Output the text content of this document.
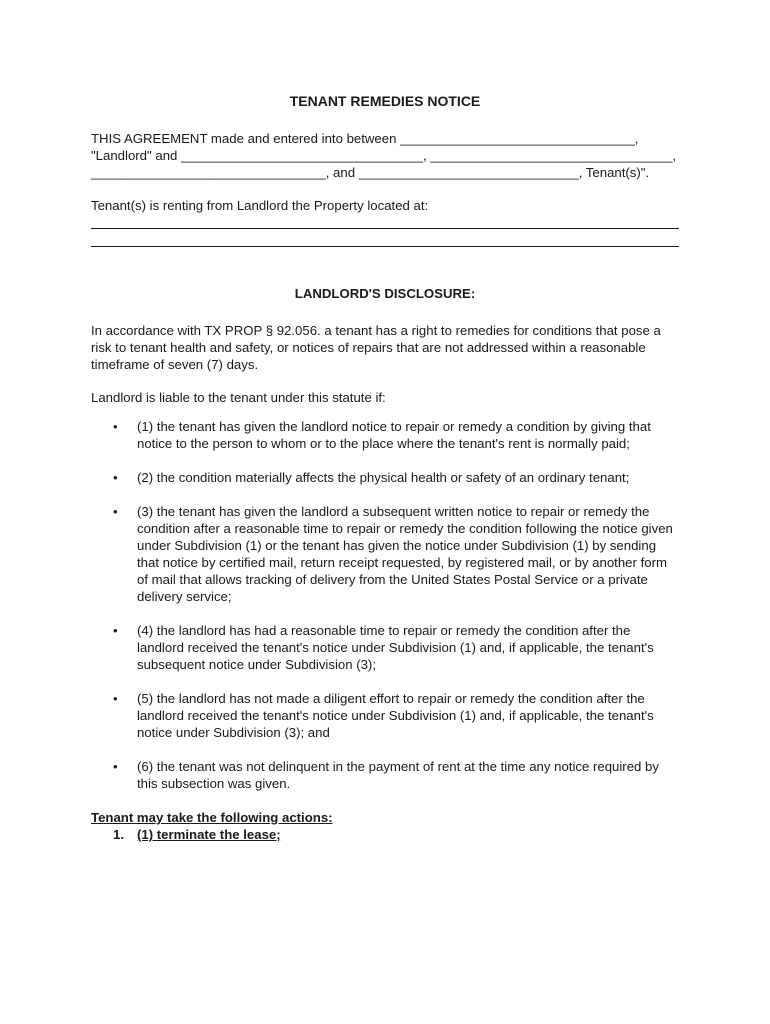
TENANT REMEDIES NOTICE
THIS AGREEMENT made and entered into between ________________________________,
"Landlord" and _________________________________, _________________________________,
________________________________, and ______________________________, Tenant(s)".
Tenant(s) is renting from Landlord the Property located at:
LANDLORD'S DISCLOSURE:

In accordance with TX PROP § 92.056. a tenant has a right to remedies for conditions that pose a risk to tenant health and safety, or notices of repairs that are not addressed within a reasonable timeframe of seven (7) days.

Landlord is liable to the tenant under this statute if:

• (1) the tenant has given the landlord notice to repair or remedy a condition by giving that notice to the person to whom or to the place where the tenant's rent is normally paid;
• (2) the condition materially affects the physical health or safety of an ordinary tenant;
• (3) the tenant has given the landlord a subsequent written notice to repair or remedy the condition after a reasonable time to repair or remedy the condition following the notice given under Subdivision (1) or the tenant has given the notice under Subdivision (1) by sending that notice by certified mail, return receipt requested, by registered mail, or by another form of mail that allows tracking of delivery from the United States Postal Service or a private delivery service;
• (4) the landlord has had a reasonable time to repair or remedy the condition after the landlord received the tenant's notice under Subdivision (1) and, if applicable, the tenant's subsequent notice under Subdivision (3);
• (5) the landlord has not made a diligent effort to repair or remedy the condition after the landlord received the tenant's notice under Subdivision (1) and, if applicable, the tenant's notice under Subdivision (3); and
• (6) the tenant was not delinquent in the payment of rent at the time any notice required by this subsection was given.
Tenant may take the following actions:
1. (1) terminate the lease;
